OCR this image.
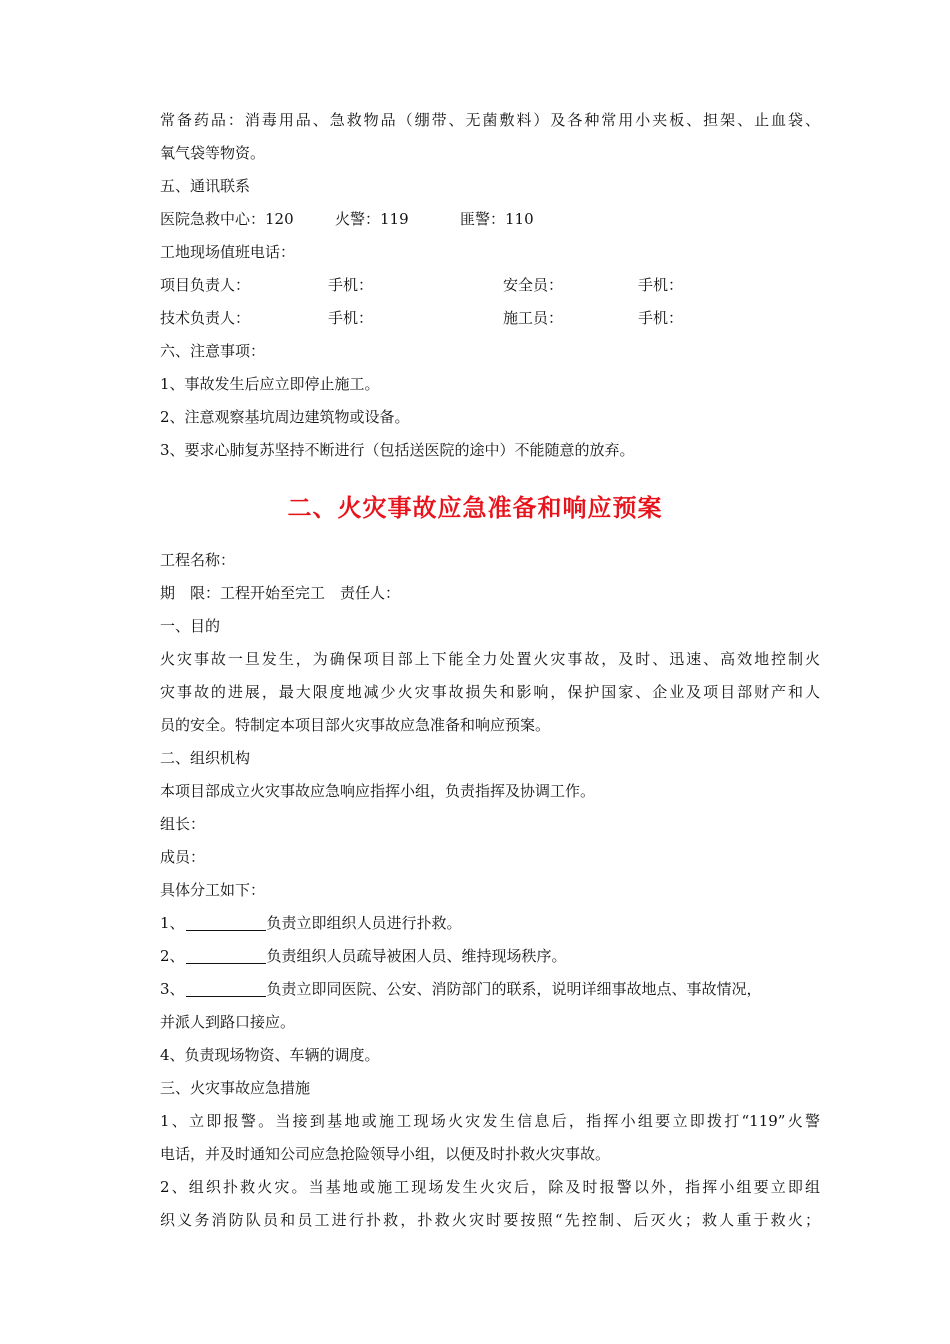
常备药品：消毒用品、急救物品（绷带、无菌敷料）及各种常用小夹板、担架、止血袋、
氧气袋等物资。
五、通讯联系
医院急救中心：120	火警：119	匪警：110
工地现场值班电话：
项目负责人：	手机：	安全员：	手机：
技术负责人：	手机：	施工员：	手机：
六、注意事项：
1、事故发生后应立即停止施工。
2、注意观察基坑周边建筑物或设备。
3、要求心肺复苏坚持不断进行（包括送医院的途中）不能随意的放弃。
二、火灾事故应急准备和响应预案
工程名称：
期　限：工程开始至完工　责任人：
一、目的
火灾事故一旦发生，为确保项目部上下能全力处置火灾事故，及时、迅速、高效地控制火
灾事故的进展，最大限度地减少火灾事故损失和影响，保护国家、企业及项目部财产和人
员的安全。特制定本项目部火灾事故应急准备和响应预案。
二、组织机构
本项目部成立火灾事故应急响应指挥小组，负责指挥及协调工作。
组长：
成员：
具体分工如下：
1、	负责立即组织人员进行扑救。
2、	负责组织人员疏导被困人员、维持现场秩序。
3、	负责立即同医院、公安、消防部门的联系，说明详细事故地点、事故情况，
并派人到路口接应。
4、负责现场物资、车辆的调度。
三、火灾事故应急措施
1、立即报警。当接到基地或施工现场火灾发生信息后，指挥小组要立即拨打“119”火警
电话，并及时通知公司应急抢险领导小组，以便及时扑救火灾事故。
2、组织扑救火灾。当基地或施工现场发生火灾后，除及时报警以外，指挥小组要立即组
织义务消防队员和员工进行扑救，扑救火灾时要按照“先控制、后灭火；救人重于救火；
